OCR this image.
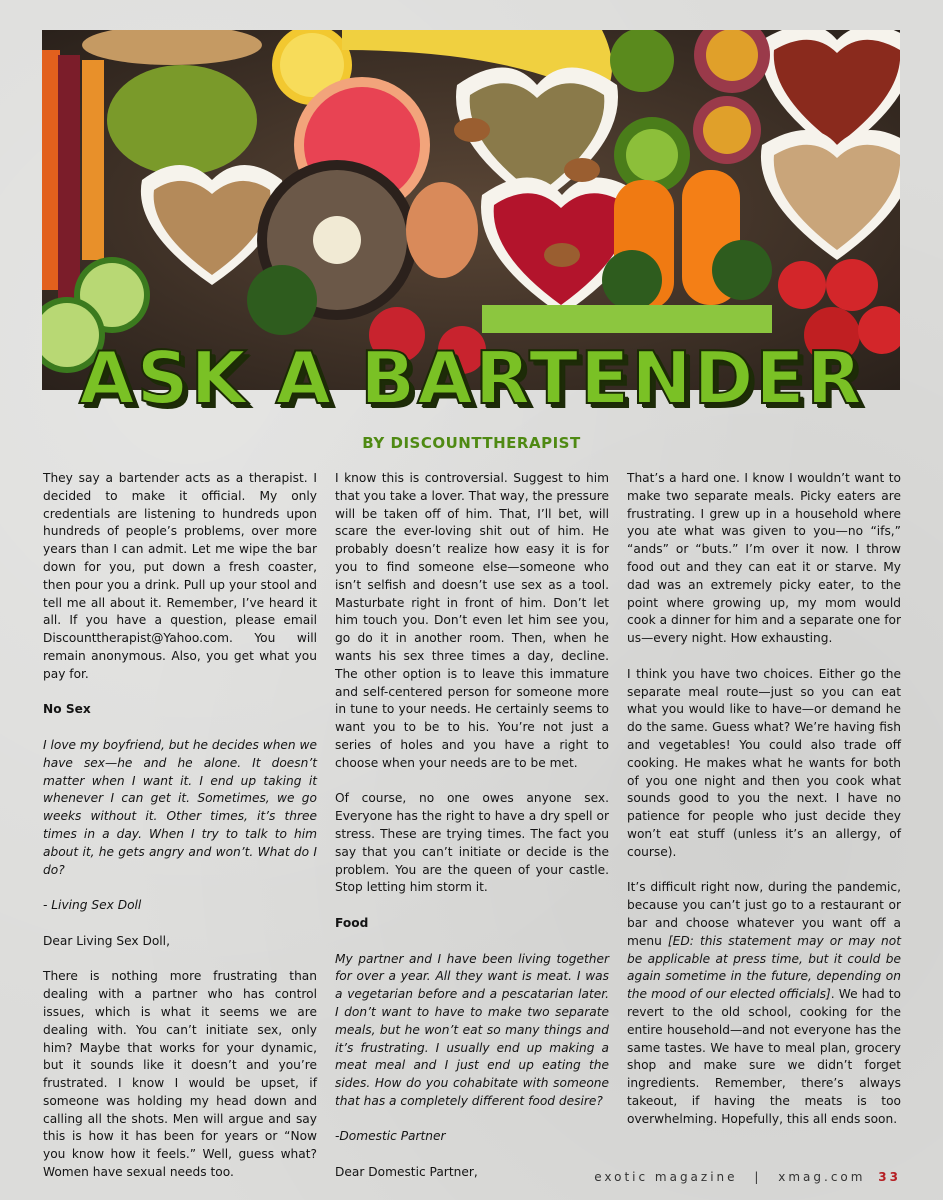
ASK A BARTENDER
BY DISCOUNTTHERAPIST

They say a bartender acts as a therapist. I decided to make it official. My only credentials are listening to hundreds upon hundreds of people’s problems, over more years than I can admit. Let me wipe the bar down for you, put down a fresh coaster, then pour you a drink. Pull up your stool and tell me all about it. Remember, I’ve heard it all. If you have a question, please email Discounttherapist@Yahoo.com. You will remain anonymous. Also, you get what you pay for.

No Sex

I love my boyfriend, but he decides when we have sex—he and he alone. It doesn’t matter when I want it. I end up taking it whenever I can get it. Sometimes, we go weeks without it. Other times, it’s three times in a day. When I try to talk to him about it, he gets angry and won’t. What do I do?

- Living Sex Doll

Dear Living Sex Doll,

There is nothing more frustrating than dealing with a partner who has control issues, which is what it seems we are dealing with. You can’t initiate sex, only him? Maybe that works for your dynamic, but it sounds like it doesn’t and you’re frustrated. I know I would be upset, if someone was holding my head down and calling all the shots. Men will argue and say this is how it has been for years or “Now you know how it feels.” Well, guess what? Women have sexual needs too.

That’s a hard one. I know I wouldn’t want to make two separate meals. Picky eaters are frustrating. I grew up in a household where you ate what was given to you—no “ifs,” “ands” or “buts.” I’m over it now. I throw food out and they can eat it or starve. My dad was an extremely picky eater, to the point where growing up, my mom would cook a dinner for him and a separate one for us—every night. How exhausting.

I think you have two choices. Either go the separate meal route—just so you can eat what you would like to have—or demand he do the same. Guess what? We’re having fish and vegetables! You could also trade off cooking. He makes what he wants for both of you one night and then you cook what sounds good to you the next. I have no patience for people who just decide they won’t eat stuff (unless it’s an allergy, of course).

It’s difficult right now, during the pandemic, because you can’t just go to a restaurant or bar and choose whatever you want off a menu [ED: this statement may or may not be applicable at press time, but it could be again sometime in the future, depending on the mood of our elected officials]. We had to revert to the old school, cooking for the entire household—and not everyone has the same tastes. We have to meal plan, grocery shop and make sure we didn’t forget ingredients. Remember, there’s always takeout, if having the meats is too overwhelming. Hopefully, this all ends soon.

I know this is controversial. Suggest to him that you take a lover. That way, the pressure will be taken off of him. That, I’ll bet, will scare the ever-loving shit out of him. He probably doesn’t realize how easy it is for you to find someone else—someone who isn’t selfish and doesn’t use sex as a tool. Masturbate right in front of him. Don’t let him touch you. Don’t even let him see you, go do it in another room. Then, when he wants his sex three times a day, decline. The other option is to leave this immature and self-centered person for someone more in tune to your needs. He certainly seems to want you to be to his. You’re not just a series of holes and you have a right to choose when your needs are to be met.

Of course, no one owes anyone sex. Everyone has the right to have a dry spell or stress. These are trying times. The fact you say that you can’t initiate or decide is the problem. You are the queen of your castle. Stop letting him storm it.

Food

My partner and I have been living together for over a year. All they want is meat. I was a vegetarian before and a pescatarian later. I don’t want to have to make two separate meals, but he won’t eat so many things and it’s frustrating. I usually end up making a meat meal and I just end up eating the sides. How do you cohabitate with someone that has a completely different food desire?

-Domestic Partner

Dear Domestic Partner,	exotic magazine | xmag.com 33
